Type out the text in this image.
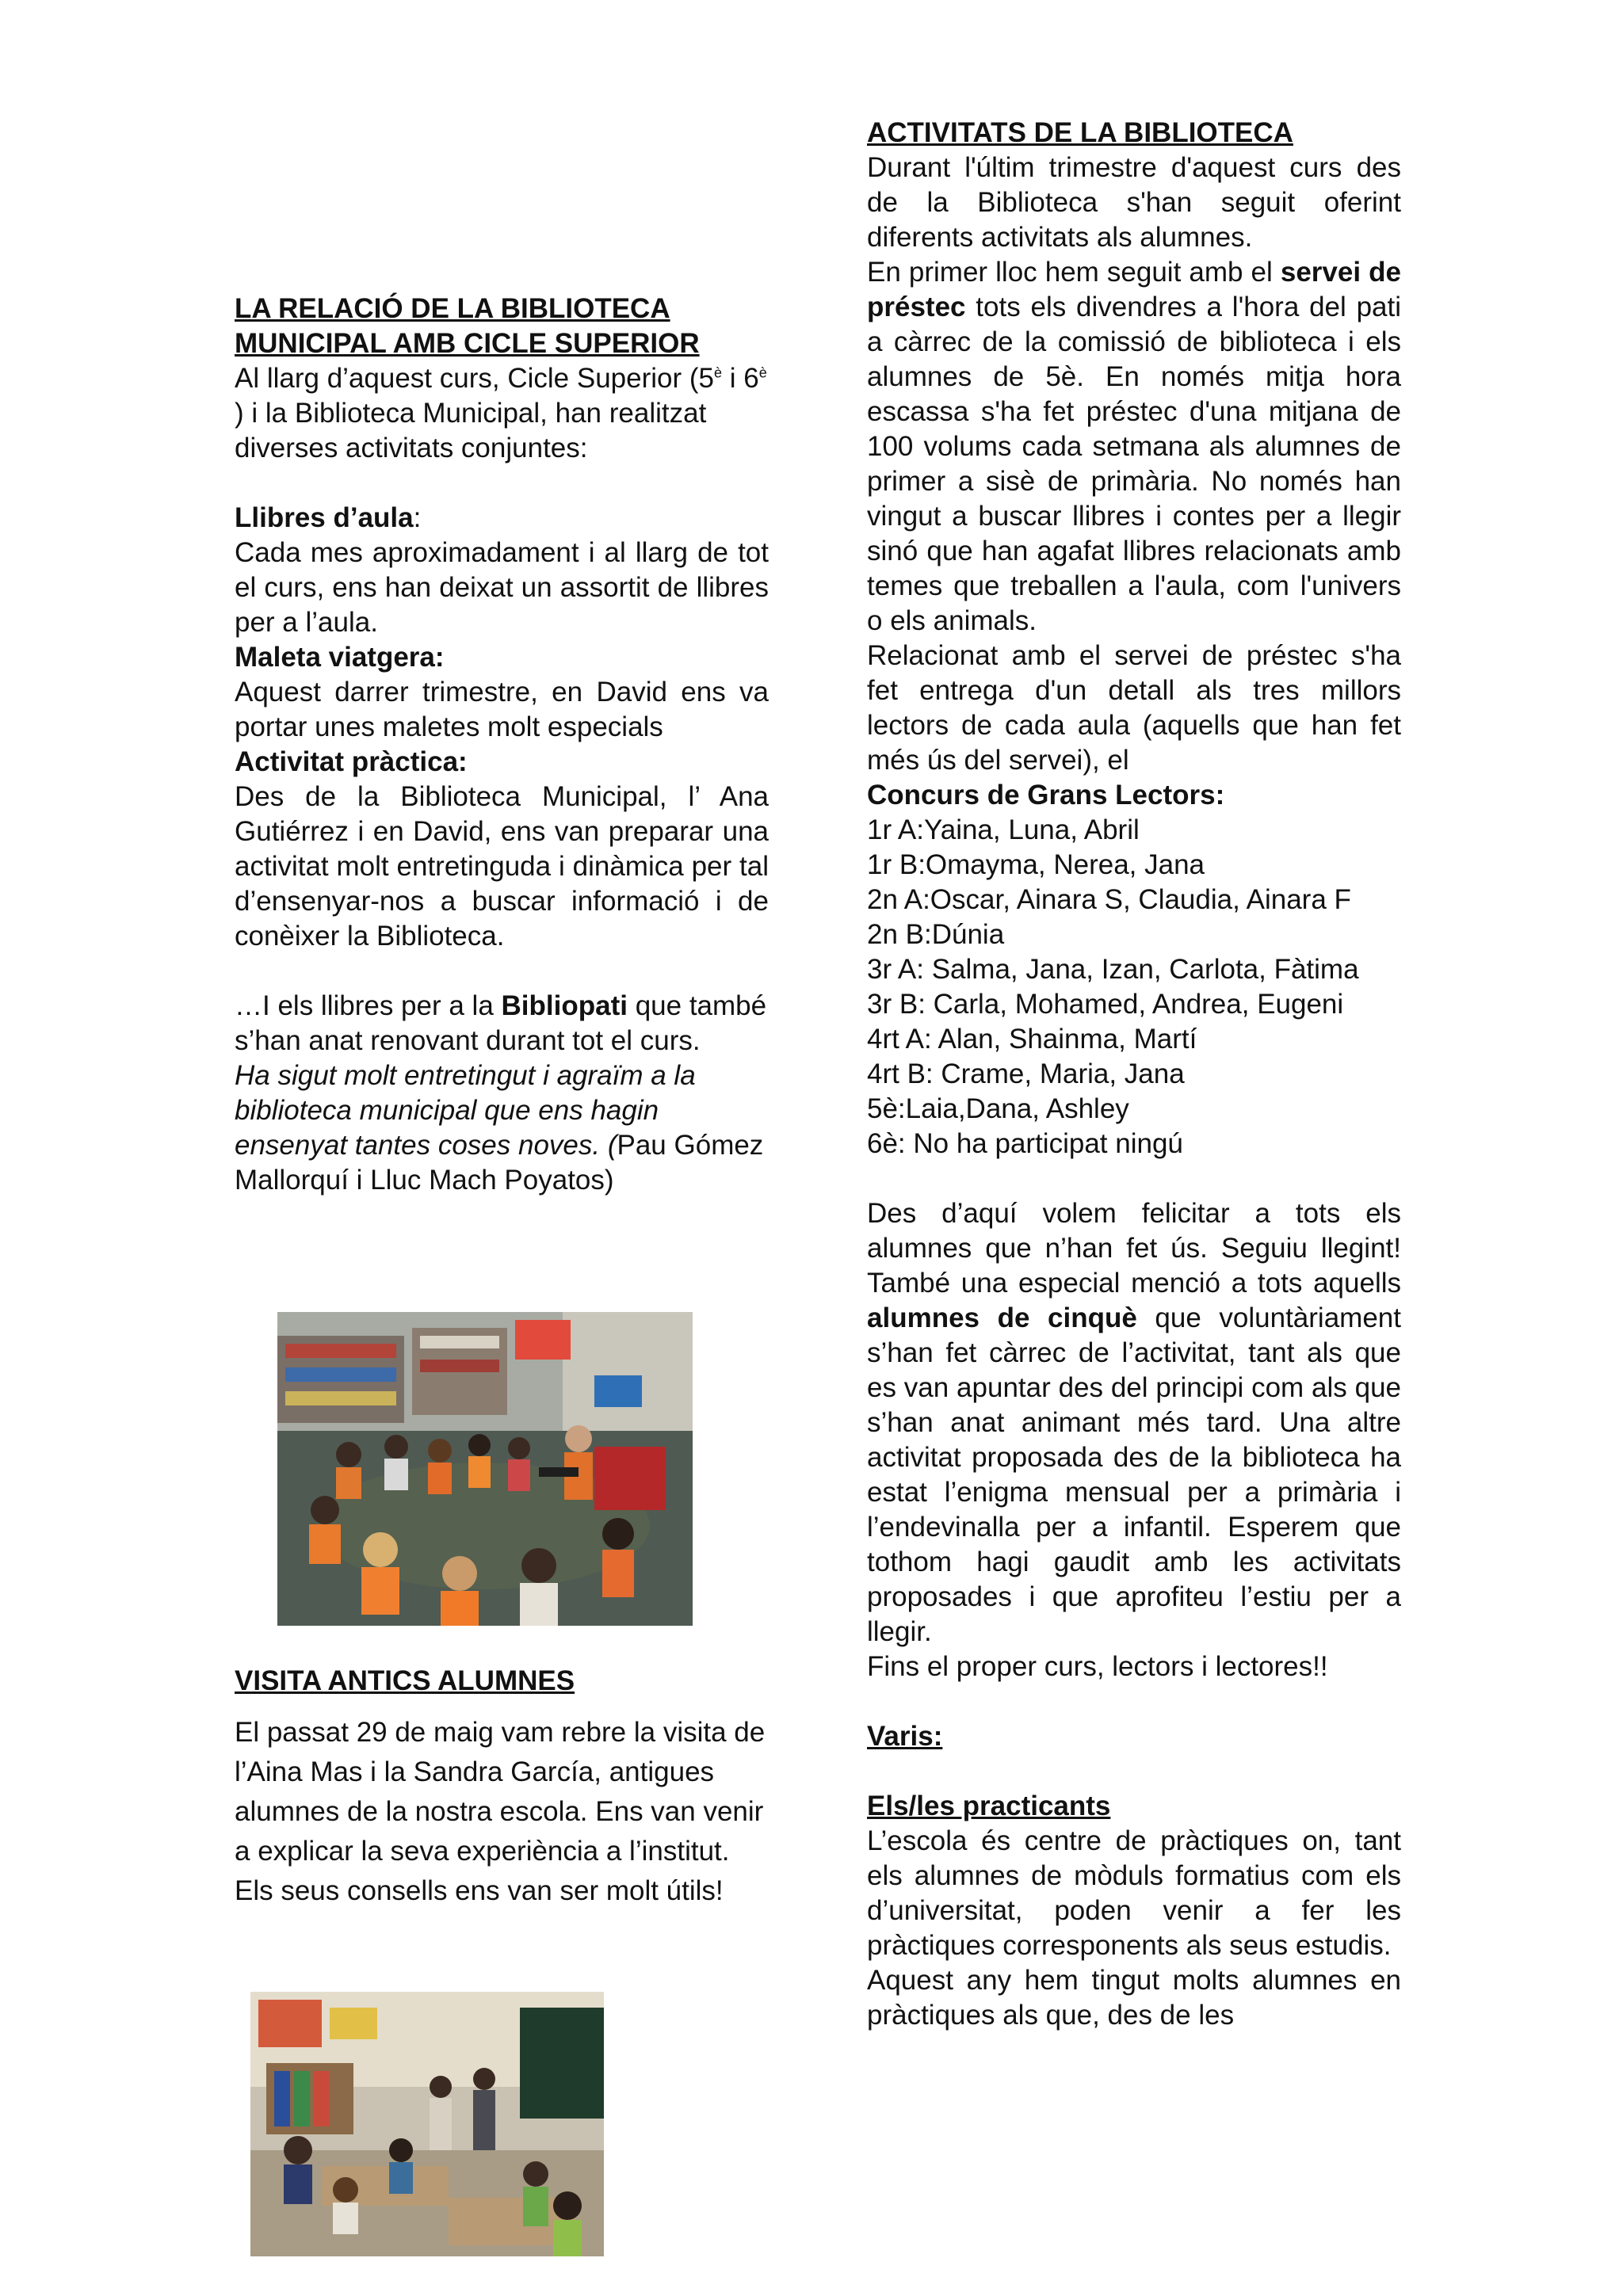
LA RELACIÓ DE LA BIBLIOTECA

MUNICIPAL AMB CICLE SUPERIOR

Al llarg d’aquest curs, Cicle Superior ($5^è$ i $6^è$ ) i la Biblioteca Municipal, han realitzat diverses activitats conjuntes:

Llibres d’aula:

Cada mes aproximadament i al llarg de tot el curs, ens han deixat un assortit de llibres per a l’aula.

Maleta viatgera:

Aquest darrer trimestre, en David ens va portar unes maletes molt especials

Activitat pràctica:

Des de la Biblioteca Municipal, l’ Ana Gutiérrez i en David, ens van preparar una activitat molt entretinguda i dinàmica per tal d’ensenyar-nos a buscar informació i de conèixer la Biblioteca.

…I els llibres per a la Bibliopati que també s’han anat renovant durant tot el curs.

Ha sigut molt entretingut i agraïm a la biblioteca municipal que ens hagin ensenyat tantes coses noves. (Pau Gómez Mallorquí i Lluc Mach Poyatos)

VISITA ANTICS ALUMNES

El passat 29 de maig vam rebre la visita de l’Aina Mas i la Sandra García, antigues alumnes de la nostra escola. Ens van venir a explicar la seva experiència a l’institut. Els seus consells ens van ser molt útils!

ACTIVITATS DE LA BIBLIOTECA

Durant l'últim trimestre d'aquest curs des de la Biblioteca s'han seguit oferint diferents activitats als alumnes.

En primer lloc hem seguit amb el servei de préstec tots els divendres a l'hora del pati a càrrec de la comissió de biblioteca i els alumnes de 5è. En només mitja hora escassa s'ha fet préstec d'una mitjana de 100 volums cada setmana als alumnes de primer a sisè de primària. No només han vingut a buscar llibres i contes per a llegir sinó que han agafat llibres relacionats amb temes que treballen a l'aula, com l'univers o els animals.

Relacionat amb el servei de préstec s'ha fet entrega d'un detall als tres millors lectors de cada aula (aquells que han fet més ús del servei), el

Concurs de Grans Lectors:

1r A:Yaina, Luna, Abril

1r B:Omayma, Nerea, Jana

2n A:Oscar, Ainara S, Claudia, Ainara F

2n B:Dúnia

3r A: Salma, Jana, Izan, Carlota, Fàtima

3r B: Carla, Mohamed, Andrea, Eugeni

4rt A: Alan, Shainma, Martí

4rt B: Crame, Maria, Jana

5è:Laia,Dana, Ashley

6è: No ha participat ningú

Des d’aquí volem felicitar a tots els alumnes que n’han fet ús. Seguiu llegint! També una especial menció a tots aquells alumnes de cinquè que voluntàriament s’han fet càrrec de l’activitat, tant als que es van apuntar des del principi com als que s’han anat animant més tard. Una altre activitat proposada des de la biblioteca ha estat l’enigma mensual per a primària i l’endevinalla per a infantil. Esperem que tothom hagi gaudit amb les activitats proposades i que aprofiteu l’estiu per a llegir.

Fins el proper curs, lectors i lectores!!

Varis:

Els/les practicants

L’escola és centre de pràctiques on, tant els alumnes de mòduls formatius com els d’universitat, poden venir a fer les pràctiques corresponents als seus estudis.

Aquest any hem tingut molts alumnes en pràctiques als que, des de les
